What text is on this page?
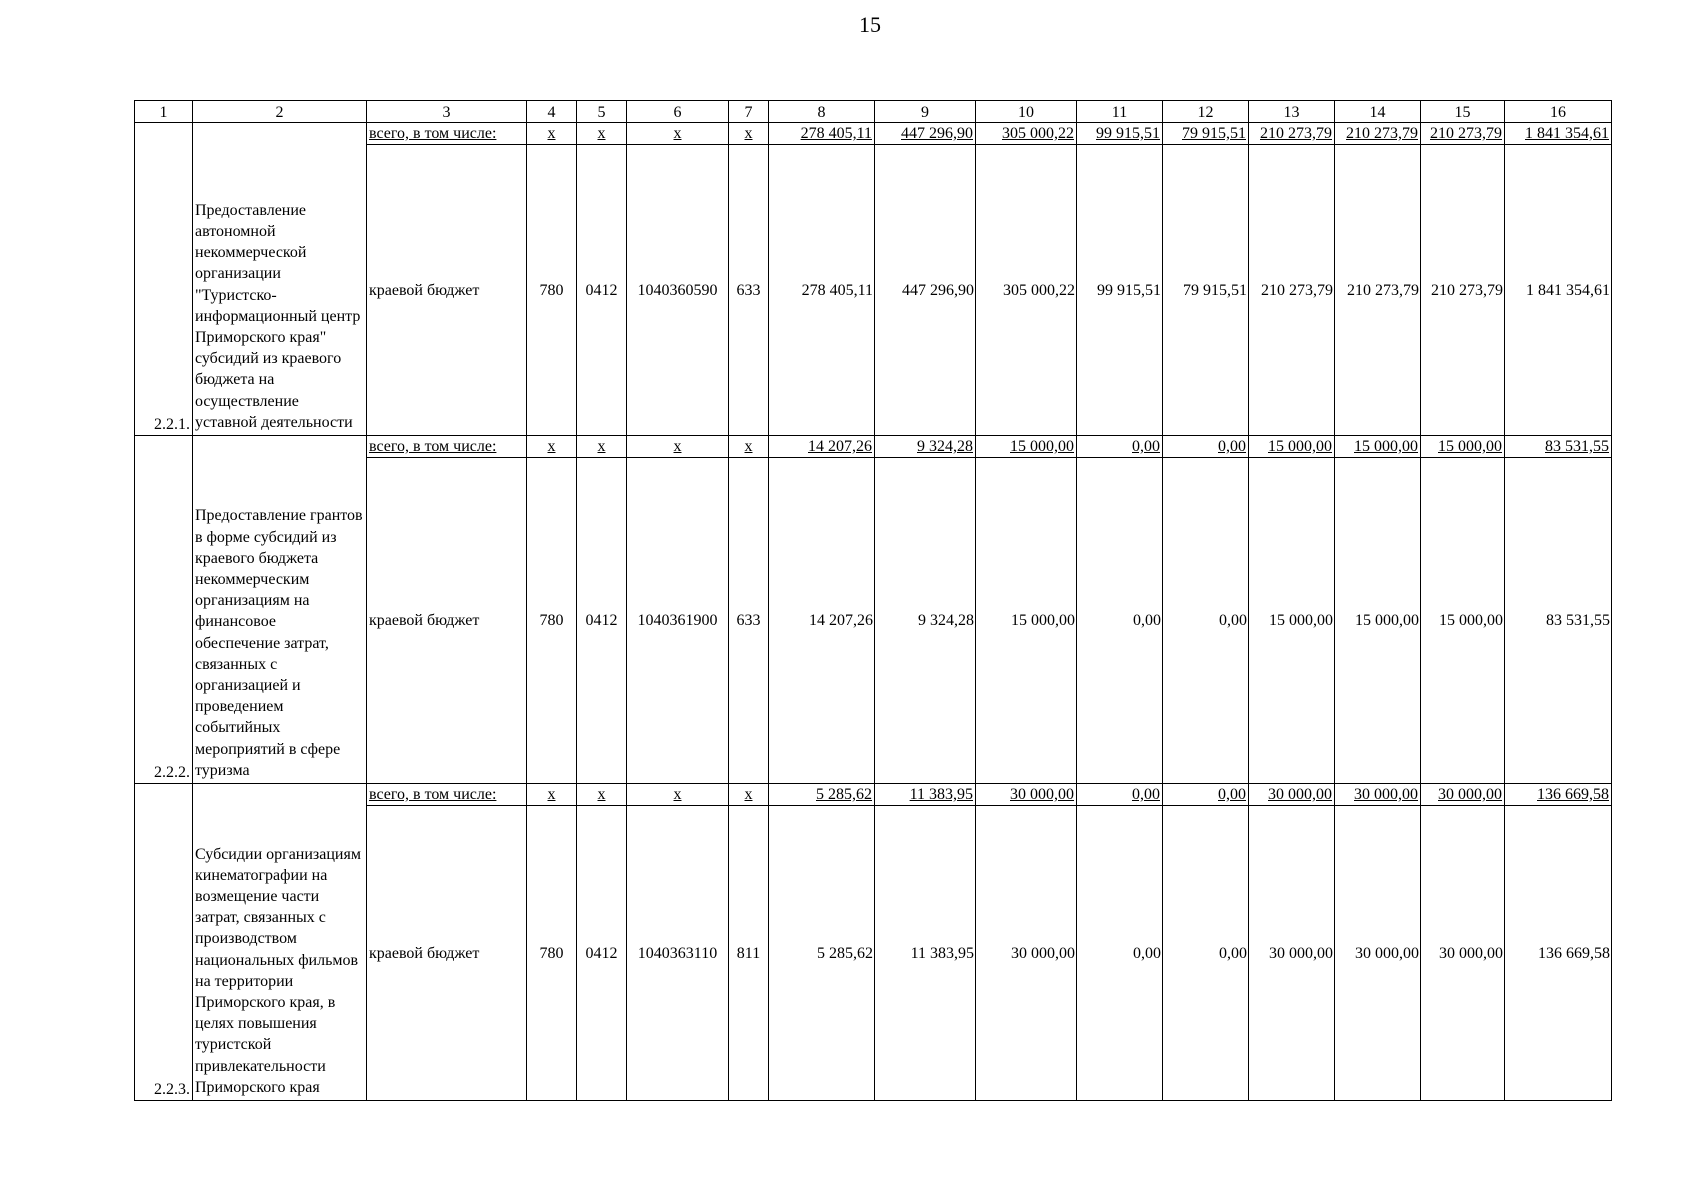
15
1	2	3	4	5	6	7	8	9	10	11	12	13	14	15	16
2.2.1.	Предоставление автономной некоммерческой организации "Туристско-информационный центр Приморского края" субсидий из краевого бюджета на осуществление уставной деятельности	всего, в том числе:	х	х	х	х	278 405,11	447 296,90	305 000,22	99 915,51	79 915,51	210 273,79	210 273,79	210 273,79	1 841 354,61
		краевой бюджет	780	0412	1040360590	633	278 405,11	447 296,90	305 000,22	99 915,51	79 915,51	210 273,79	210 273,79	210 273,79	1 841 354,61
2.2.2.	Предоставление грантов в форме субсидий из краевого бюджета некоммерческим организациям на финансовое обеспечение затрат, связанных с организацией и проведением событийных мероприятий в сфере туризма	всего, в том числе:	х	х	х	х	14 207,26	9 324,28	15 000,00	0,00	0,00	15 000,00	15 000,00	15 000,00	83 531,55
		краевой бюджет	780	0412	1040361900	633	14 207,26	9 324,28	15 000,00	0,00	0,00	15 000,00	15 000,00	15 000,00	83 531,55
2.2.3.	Субсидии организациям кинематографии на возмещение части затрат, связанных с производством национальных фильмов на территории Приморского края, в целях повышения туристской привлекательности Приморского края	всего, в том числе:	х	х	х	х	5 285,62	11 383,95	30 000,00	0,00	0,00	30 000,00	30 000,00	30 000,00	136 669,58
		краевой бюджет	780	0412	1040363110	811	5 285,62	11 383,95	30 000,00	0,00	0,00	30 000,00	30 000,00	30 000,00	136 669,58
